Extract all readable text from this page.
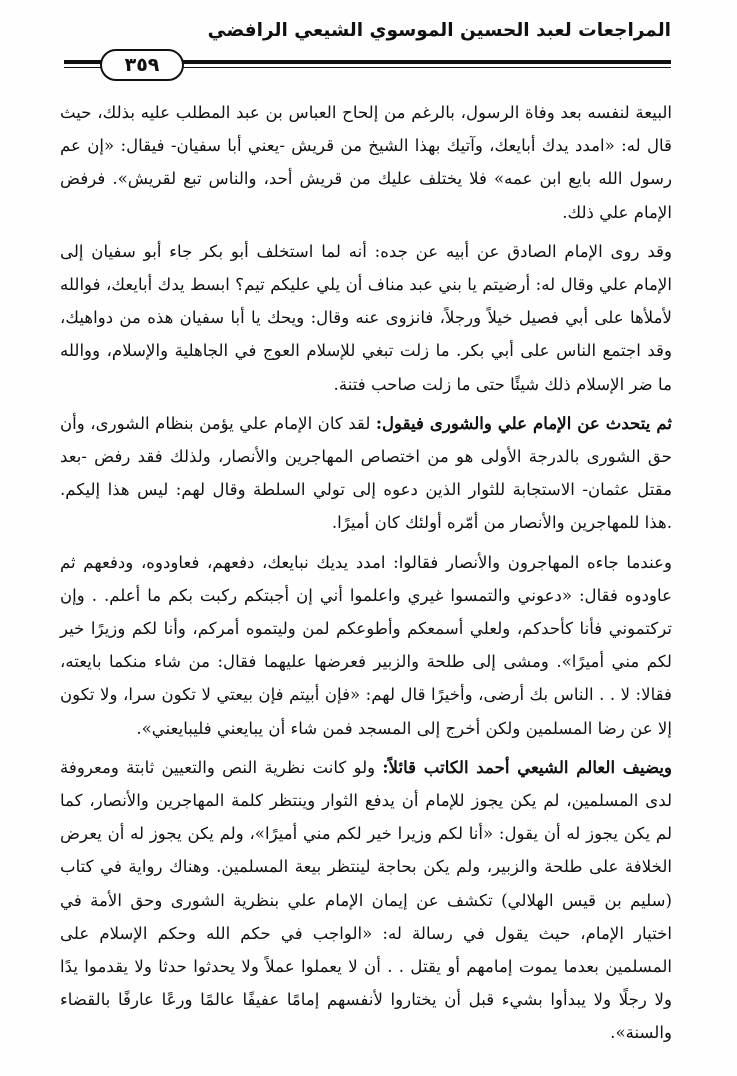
المراجعات لعبد الحسين الموسوي الشيعي الرافضي
٣٥٩

البيعة لنفسه بعد وفاة الرسول، بالرغم من إلحاح العباس بن عبد المطلب عليه بذلك، حيث قال له: «امدد يدك أبايعك، وآتيك بهذا الشيخ من قريش -يعني أبا سفيان- فيقال: «إن عم رسول الله بايع ابن عمه» فلا يختلف عليك من قريش أحد، والناس تبع لقريش». فرفض الإمام علي ذلك.

وقد روى الإمام الصادق عن أبيه عن جده: أنه لما استخلف أبو بكر جاء أبو سفيان إلى الإمام علي وقال له: أرضيتم يا بني عبد مناف أن يلي عليكم تيم؟ ابسط يدك أبايعك، فوالله لأملأها على أبي فصيل خيلاً ورجلاً، فانزوى عنه وقال: ويحك يا أبا سفيان هذه من دواهيك، وقد اجتمع الناس على أبي بكر. ما زلت تبغي للإسلام العوج في الجاهلية والإسلام، ووالله ما ضر الإسلام ذلك شيئًا حتى ما زلت صاحب فتنة.

ثم يتحدث عن الإمام علي والشورى فيقول: لقد كان الإمام علي يؤمن بنظام الشورى، وأن حق الشورى بالدرجة الأولى هو من اختصاص المهاجرين والأنصار، ولذلك فقد رفض -بعد مقتل عثمان- الاستجابة للثوار الذين دعوه إلى تولي السلطة وقال لهم: ليس هذا إليكم. .هذا للمهاجرين والأنصار من أمّره أولئك كان أميرًا.

وعندما جاءه المهاجرون والأنصار فقالوا: امدد يديك نبايعك، دفعهم، فعاودوه، ودفعهم ثم عاودوه فقال: «دعوني والتمسوا غيري واعلموا أني إن أجبتكم ركبت بكم ما أعلم. . وإن تركتموني فأنا كأحدكم، ولعلي أسمعكم وأطوعكم لمن وليتموه أمركم، وأنا لكم وزيرًا خير لكم مني أميرًا». ومشى إلى طلحة والزبير فعرضها عليهما فقال: من شاء منكما بايعته، فقالا: لا . . الناس بك أرضى، وأخيرًا قال لهم: «فإن أبيتم فإن بيعتي لا تكون سرا، ولا تكون إلا عن رضا المسلمين ولكن أخرج إلى المسجد فمن شاء أن يبايعني فليبايعني».

ويضيف العالم الشيعي أحمد الكاتب قائلاً: ولو كانت نظرية النص والتعيين ثابتة ومعروفة لدى المسلمين، لم يكن يجوز للإمام أن يدفع الثوار وينتظر كلمة المهاجرين والأنصار، كما لم يكن يجوز له أن يقول: «أنا لكم وزيرا خير لكم مني أميرًا»، ولم يكن يجوز له أن يعرض الخلافة على طلحة والزبير، ولم يكن بحاجة لينتظر بيعة المسلمين. وهناك رواية في كتاب (سليم بن قيس الهلالي) تكشف عن إيمان الإمام علي بنظرية الشورى وحق الأمة في اختيار الإمام، حيث يقول في رسالة له: «الواجب في حكم الله وحكم الإسلام على المسلمين بعدما يموت إمامهم أو يقتل . . أن لا يعملوا عملاً ولا يحدثوا حدثا ولا يقدموا يدًا ولا رجلًا ولا يبدأوا بشيء قبل أن يختاروا لأنفسهم إمامًا عفيفًا عالمًا ورعًا عارفًا بالقضاء والسنة».
